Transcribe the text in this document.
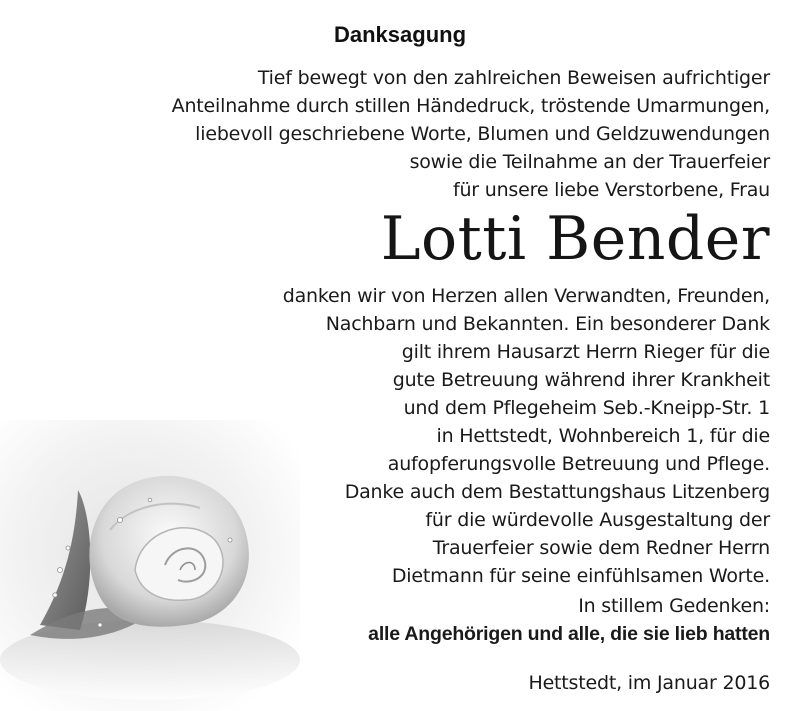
Danksagung
Tief bewegt von den zahlreichen Beweisen aufrichtiger
Anteilnahme durch stillen Händedruck, tröstende Umarmungen,
liebevoll geschriebene Worte, Blumen und Geldzuwendungen
sowie die Teilnahme an der Trauerfeier
für unsere liebe Verstorbene, Frau
Lotti Bender
danken wir von Herzen allen Verwandten, Freunden,
Nachbarn und Bekannten. Ein besonderer Dank
gilt ihrem Hausarzt Herrn Rieger für die
gute Betreuung während ihrer Krankheit
und dem Pflegeheim Seb.-Kneipp-Str. 1
in Hettstedt, Wohnbereich 1, für die
aufopferungsvolle Betreuung und Pflege.
Danke auch dem Bestattungshaus Litzenberg
für die würdevolle Ausgestaltung der
Trauerfeier sowie dem Redner Herrn
Dietmann für seine einfühlsamen Worte.
In stillem Gedenken:
alle Angehörigen und alle, die sie lieb hatten
Hettstedt, im Januar 2016
